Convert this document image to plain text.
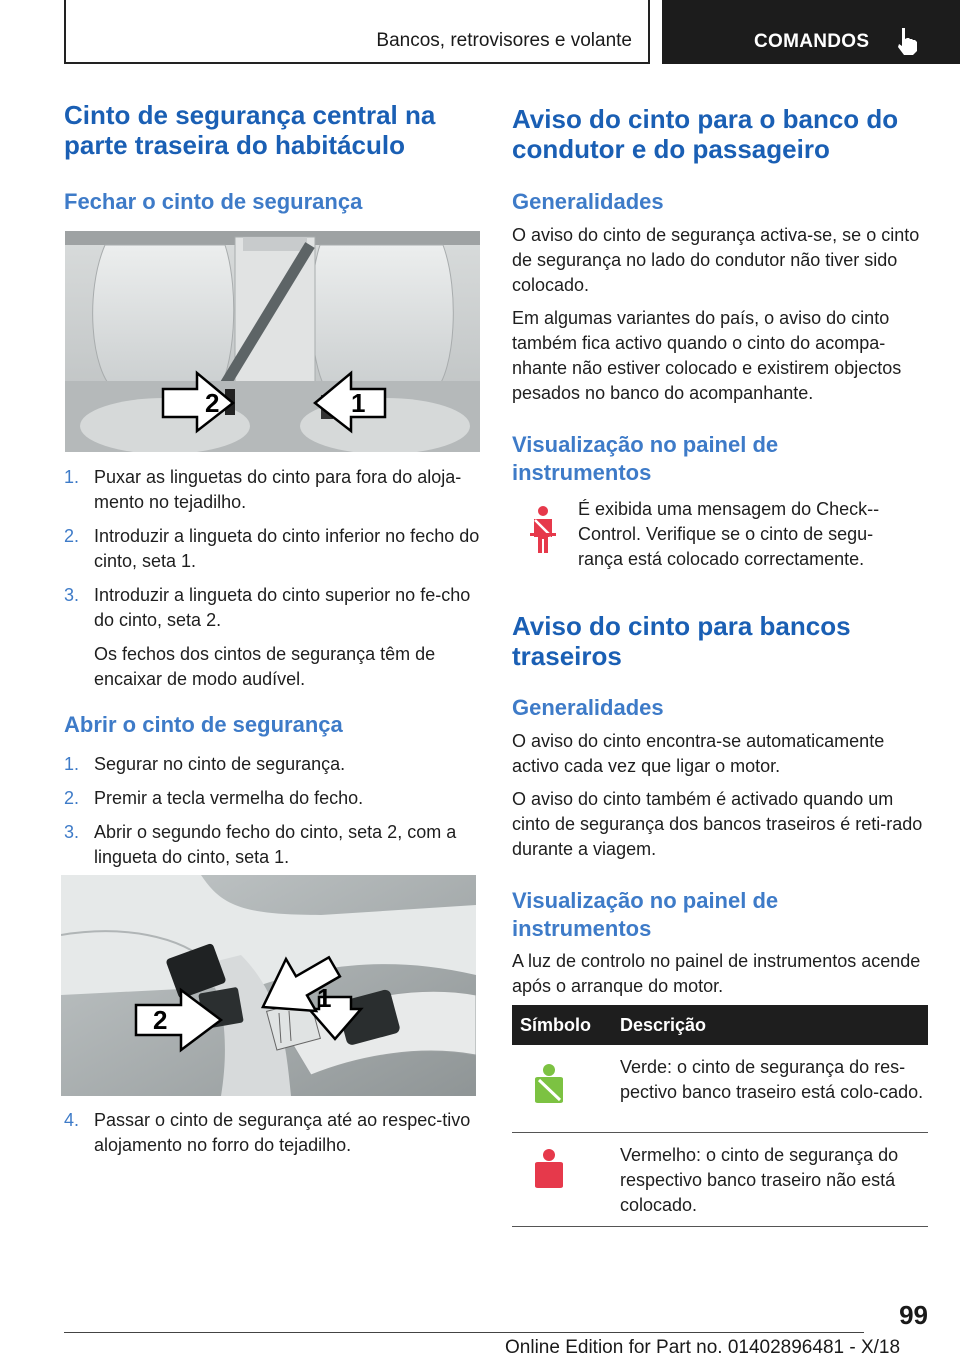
Bancos, retrovisores e volante	COMANDOS
Cinto de segurança central na parte traseira do habitáculo
Fechar o cinto de segurança
2	1
1. Puxar as linguetas do cinto para fora do aloja-mento no tejadilho.
2. Introduzir a lingueta do cinto inferior no fecho do cinto, seta 1.
3. Introduzir a lingueta do cinto superior no fe-cho do cinto, seta 2.
Os fechos dos cintos de segurança têm de encaixar de modo audível.
Abrir o cinto de segurança
1. Segurar no cinto de segurança.
2. Premir a tecla vermelha do fecho.
3. Abrir o segundo fecho do cinto, seta 2, com a lingueta do cinto, seta 1.
2
1
4. Passar o cinto de segurança até ao respec-tivo alojamento no forro do tejadilho.
Aviso do cinto para o banco do condutor e do passageiro
Generalidades

O aviso do cinto de segurança activa-se, se o cinto de segurança no lado do condutor não tiver sido colocado.

Em algumas variantes do país, o aviso do cinto também fica activo quando o cinto do acompa-nhante não estiver colocado e existirem objectos pesados no banco do acompanhante.

Visualização no painel de instrumentos

É exibida uma mensagem do Check--Control. Verifique se o cinto de segu-rança está colocado correctamente.

Aviso do cinto para bancos traseiros
Generalidades

O aviso do cinto encontra-se automaticamente activo cada vez que ligar o motor.

O aviso do cinto também é activado quando um cinto de segurança dos bancos traseiros é reti-rado durante a viagem.

Visualização no painel de instrumentos

A luz de controlo no painel de instrumentos acende após o arranque do motor.

Símbolo	Descrição
	Verde: o cinto de segurança do res-pectivo banco traseiro está colo-cado.
	Vermelho: o cinto de segurança do respectivo banco traseiro não está colocado.
99
Online Edition for Part no. 01402896481 - X/18
